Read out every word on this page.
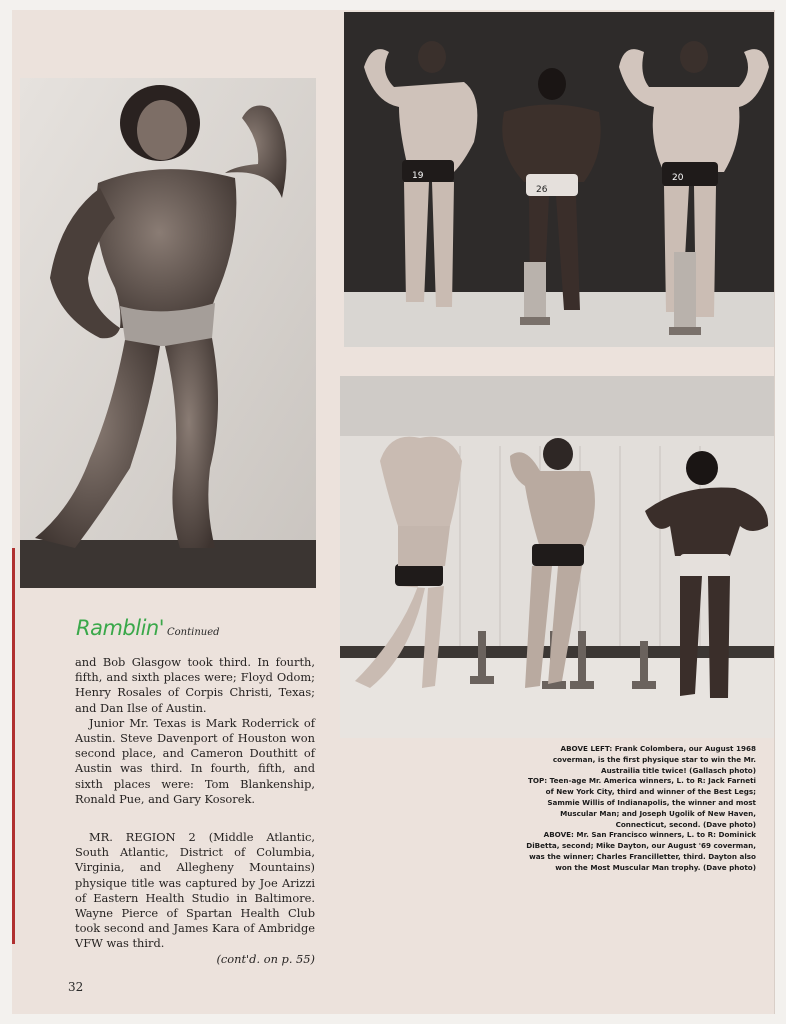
19
26
20
Ramblin' Continued

and Bob Glasgow took third. In fourth, fifth, and sixth places were; Floyd Odom; Henry Rosales of Corpis Christi, Texas; and Dan Ilse of Austin.

Junior Mr. Texas is Mark Roderrick of Austin. Steve Davenport of Houston won second place, and Cameron Douthitt of Austin was third. In fourth, fifth, and sixth places were: Tom Blankenship, Ronald Pue, and Gary Kosorek.

MR. REGION 2 (Middle Atlantic, South Atlantic, District of Columbia, Virginia, and Allegheny Mountains) physique title was captured by Joe Arizzi of Eastern Health Studio in Baltimore. Wayne Pierce of Spartan Health Club took second and James Kara of Ambridge VFW was third.

(cont'd. on p. 55)

ABOVE LEFT: Frank Colombera, our August 1968 coverman, is the first physique star to win the Mr. Austrailia title twice! (Gallasch photo)

TOP: Teen-age Mr. America winners, L. to R: Jack Farneti of New York City, third and winner of the Best Legs; Sammie Willis of Indianapolis, the winner and most Muscular Man; and Joseph Ugolik of New Haven, Connecticut, second. (Dave photo)

ABOVE: Mr. San Francisco winners, L. to R: Dominick DiBetta, second; Mike Dayton, our August '69 coverman, was the winner; Charles Francilletter, third. Dayton also won the Most Muscular Man trophy. (Dave photo)

32
